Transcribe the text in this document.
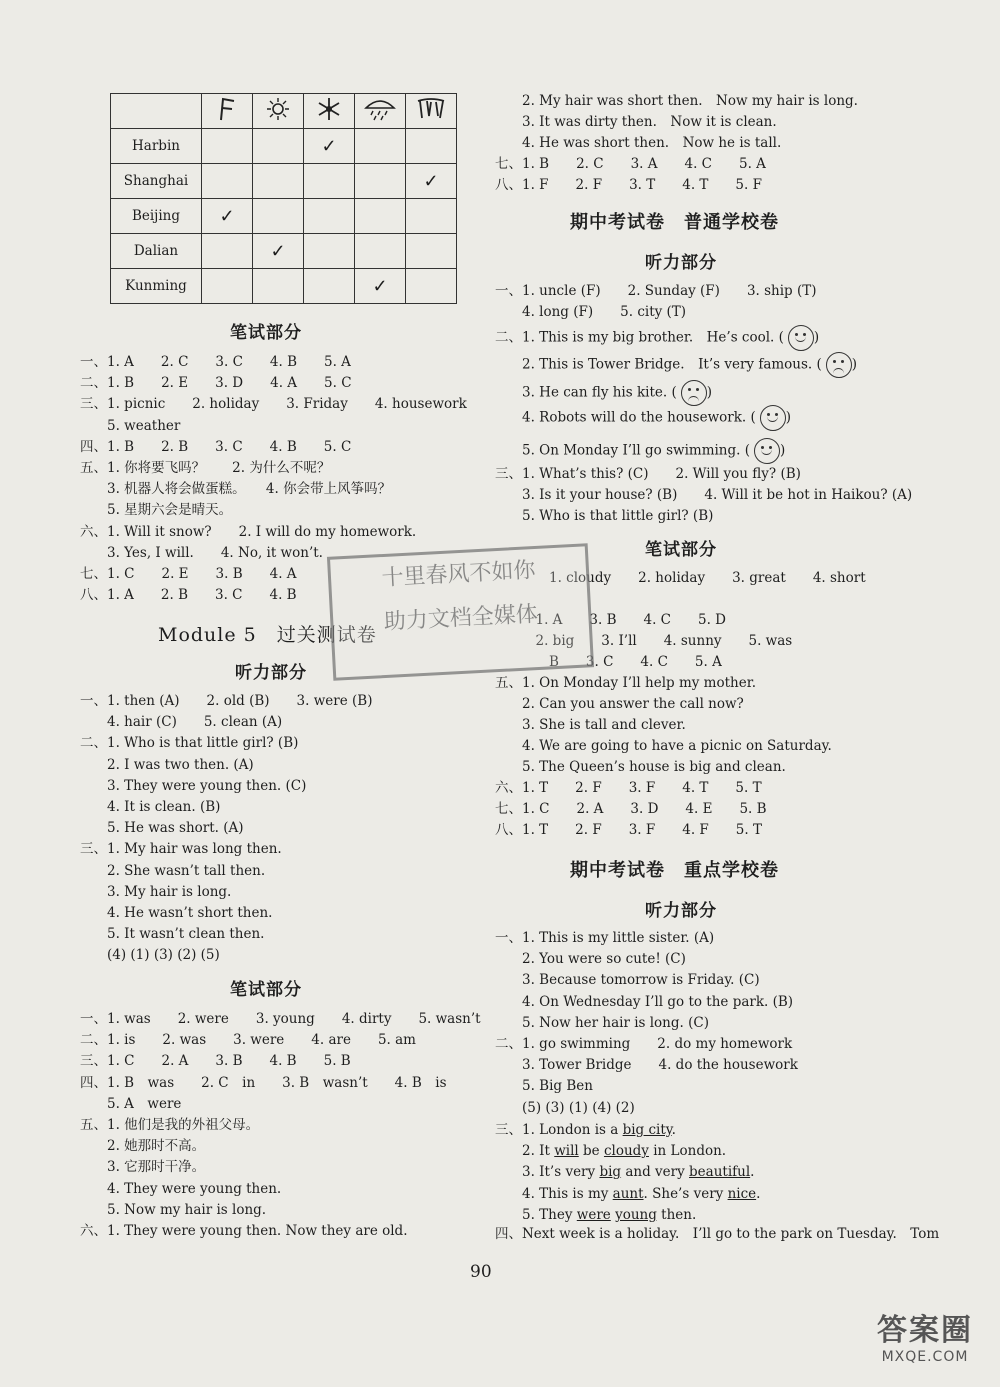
Harbin			✓		
Shanghai					✓
Beijing	✓				
Dalian		✓			
Kunming				✓	
笔试部分
一、1. A　　2. C　　3. C　　4. B　　5. A
二、1. B　　2. E　　3. D　　4. A　　5. C
三、1. picnic　　2. holiday　　3. Friday　　4. housework
　　5. weather
四、1. B　　2. B　　3. C　　4. B　　5. C
五、1. 你将要飞吗？　　2. 为什么不呢？
　　3. 机器人将会做蛋糕。　　4. 你会带上风筝吗？
　　5. 星期六会是晴天。
六、1. Will it snow?　　2. I will do my homework.
　　3. Yes, I will.　　4. No, it won’t.
七、1. C　　2. E　　3. B　　4. A
八、1. A　　2. B　　3. C　　4. B
Module 5　过关测试卷
听力部分
一、1. then (A)　　2. old (B)　　3. were (B)
　　4. hair (C)　　5. clean (A)
二、1. Who is that little girl? (B)
　　2. I was two then. (A)
　　3. They were young then. (C)
　　4. It is clean. (B)
　　5. He was short. (A)
三、1. My hair was long then.
　　2. She wasn’t tall then.
　　3. My hair is long.
　　4. He wasn’t short then.
　　5. It wasn’t clean then.
　　(4) (1) (3) (2) (5)
笔试部分
一、1. was　　2. were　　3. young　　4. dirty　　5. wasn’t
二、1. is　　2. was　　3. were　　4. are　　5. am
三、1. C　　2. A　　3. B　　4. B　　5. B
四、1. B　was　　2. C　in　　3. B　wasn’t　　4. B　is
　　5. A　were
五、1. 他们是我的外祖父母。
　　2. 她那时不高。
　　3. 它那时干净。
　　4. They were young then.
　　5. Now my hair is long.
六、1. They were young then. Now they are old.
　　2. My hair was short then.　Now my hair is long.
　　3. It was dirty then.　Now it is clean.
　　4. He was short then.　Now he is tall.
七、1. B　　2. C　　3. A　　4. C　　5. A
八、1. F　　2. F　　3. T　　4. T　　5. F
期中考试卷　普通学校卷
听力部分
一、1. uncle (F)　　2. Sunday (F)　　3. ship (T)
　　4. long (F)　　5. city (T)
二、1. This is my big brother.　He’s cool. ( )
　　2. This is Tower Bridge.　It’s very famous. ( )
　　3. He can fly his kite. ( )
　　4. Robots will do the housework. ( )
　　5. On Monday I’ll go swimming. ( )
三、1. What’s this? (C)　　2. Will you fly? (B)
　　3. Is it your house? (B)　　4. Will it be hot in Haikou? (A)
　　5. Who is that little girl? (B)
笔试部分
　　　　1. cloudy　　2. holiday　　3. great　　4. short
　　　1. A　　3. B　　4. C　　5. D
　　　2. big　　3. I’ll　　4. sunny　　5. was
　　　　B　　3. C　　4. C　　5. A
五、1. On Monday I’ll help my mother.
　　2. Can you answer the call now?
　　3. She is tall and clever.
　　4. We are going to have a picnic on Saturday.
　　5. The Queen’s house is big and clean.
六、1. T　　2. F　　3. F　　4. T　　5. T
七、1. C　　2. A　　3. D　　4. E　　5. B
八、1. T　　2. F　　3. F　　4. F　　5. T
期中考试卷　重点学校卷
听力部分
一、1. This is my little sister. (A)
　　2. You were so cute! (C)
　　3. Because tomorrow is Friday. (C)
　　4. On Wednesday I’ll go to the park. (B)
　　5. Now her hair is long. (C)
二、1. go swimming　　2. do my homework
　　3. Tower Bridge　　4. do the housework
　　5. Big Ben
　　(5) (3) (1) (4) (2)
三、1. London is a big city.
　　2. It will be cloudy in London.
　　3. It’s very big and very beautiful.
　　4. This is my aunt. She’s very nice.
　　5. They were young then.
四、Next week is a holiday.　I’ll go to the park on Tuesday.　Tom
十里春风不如你
助力文档全媒体
90
答案圈
MXQE.COM
